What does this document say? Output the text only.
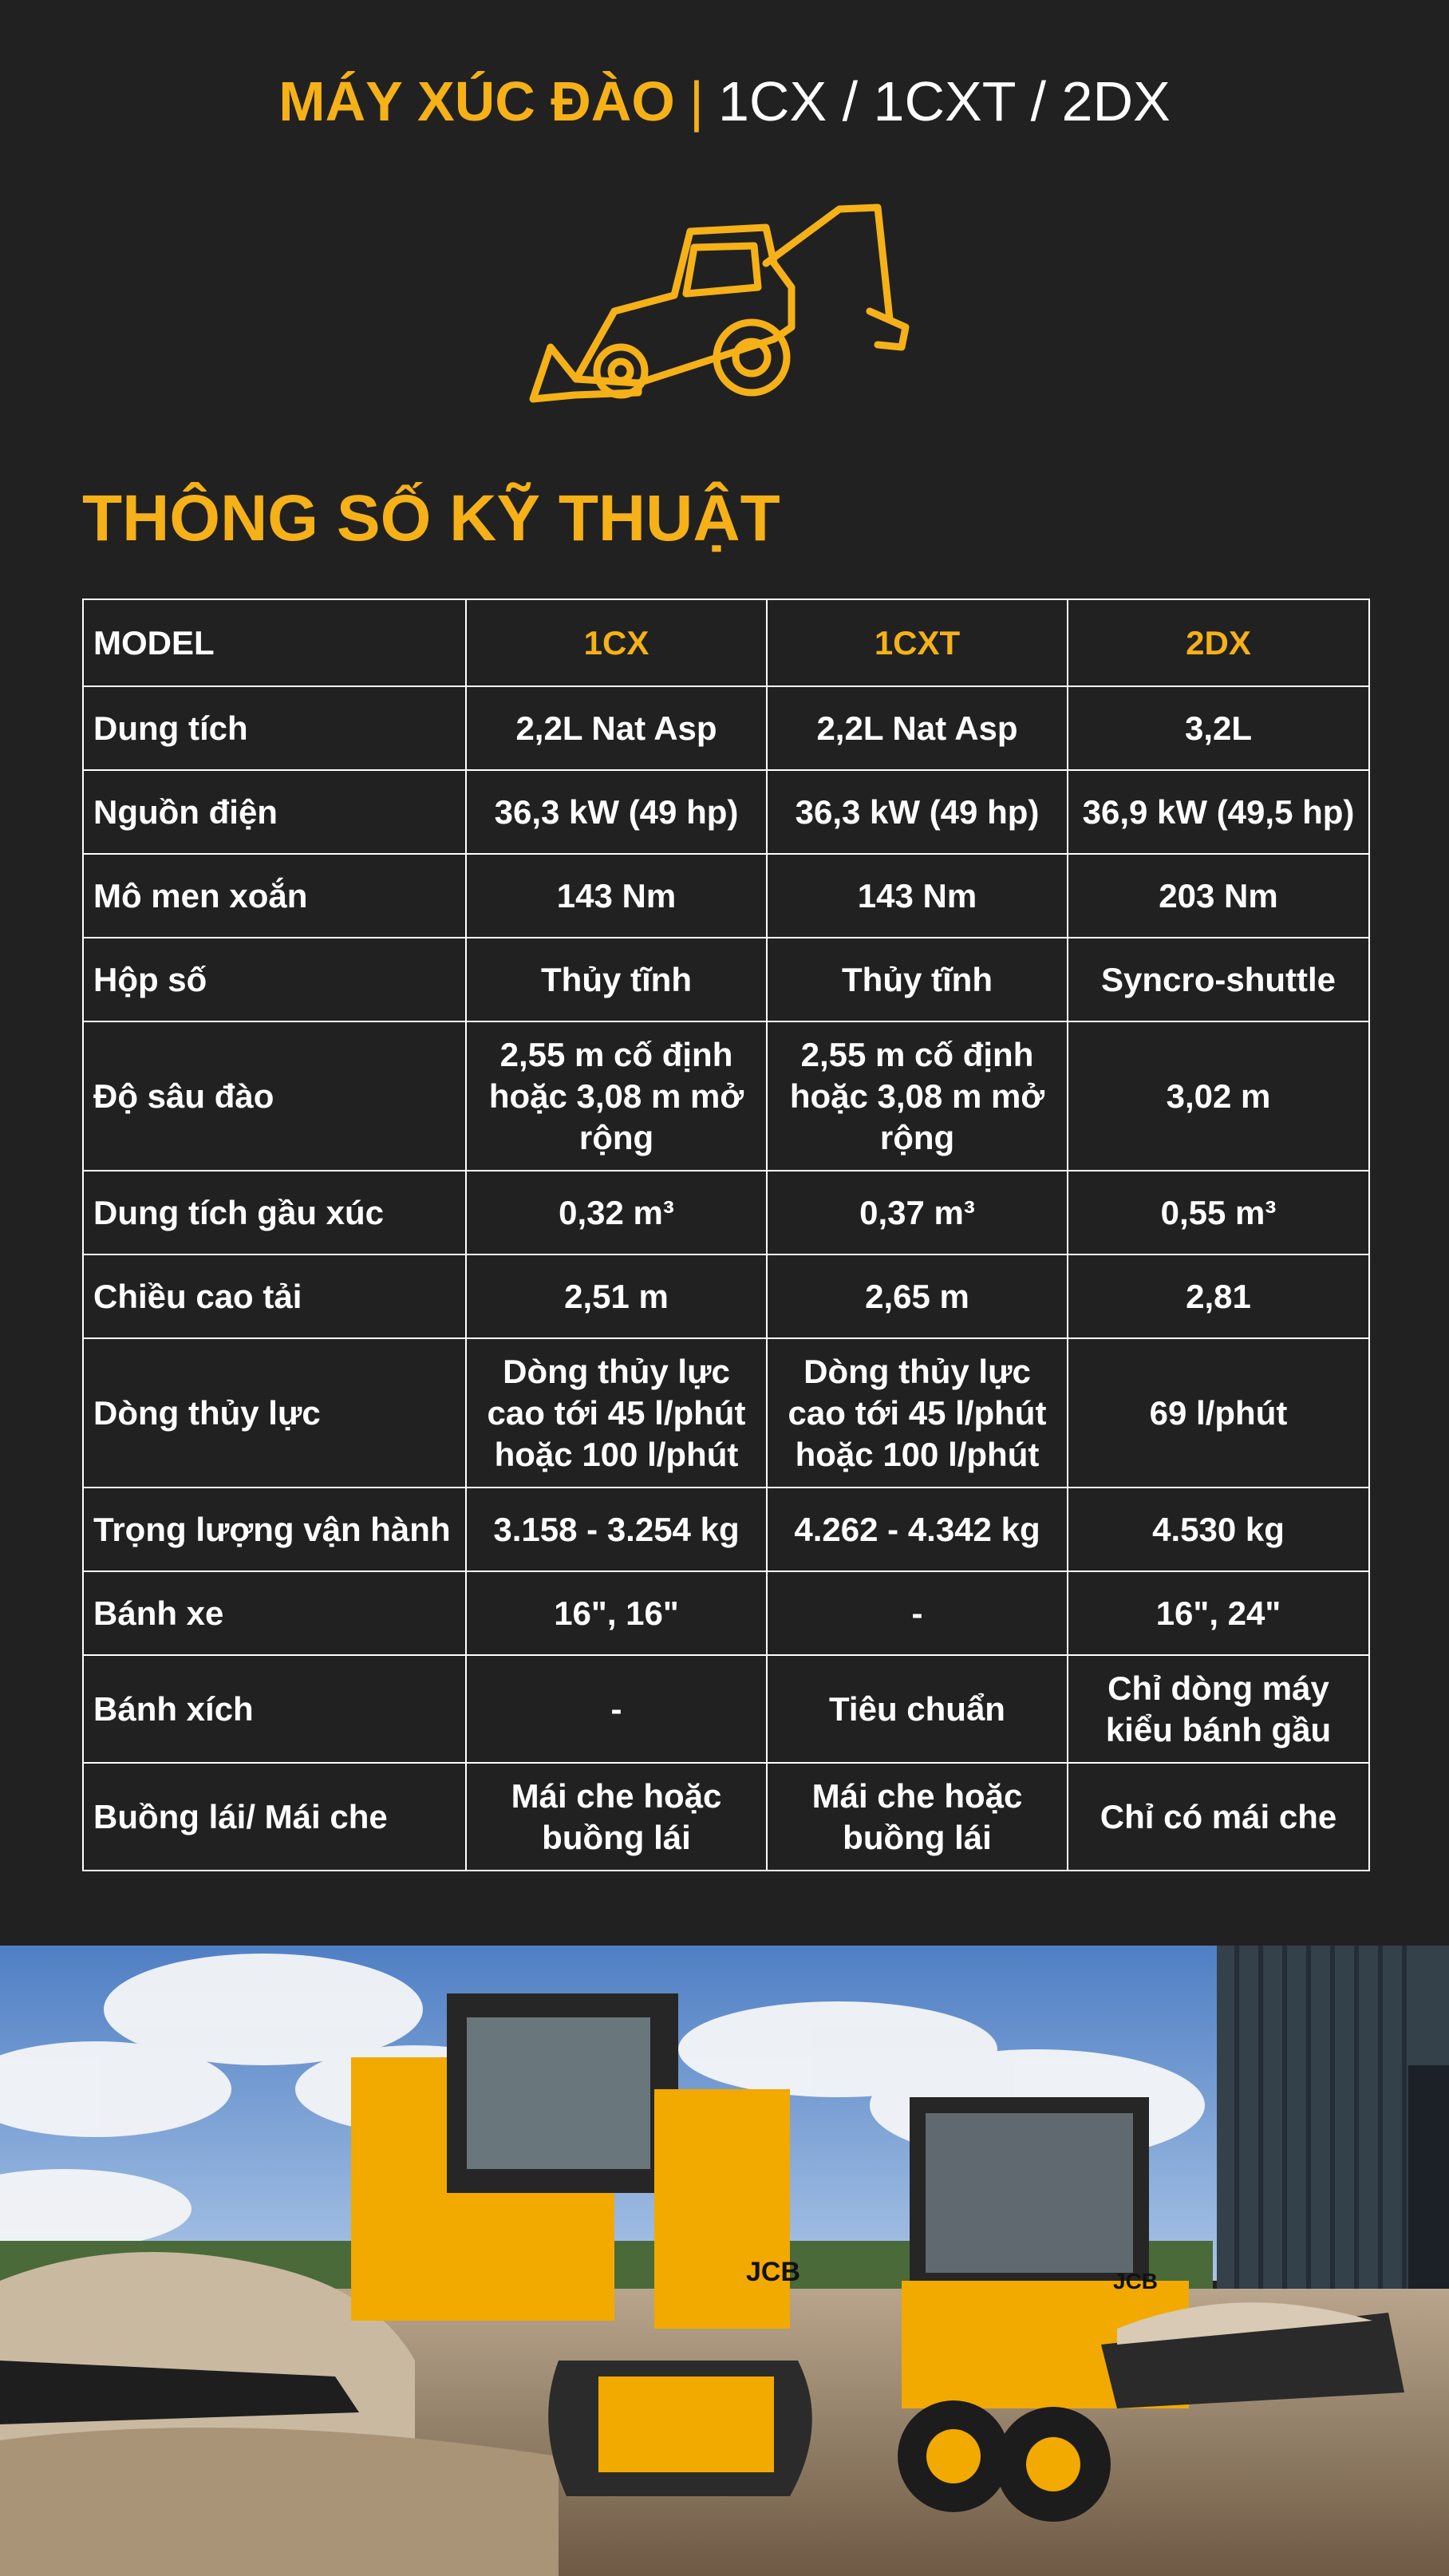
MÁY XÚC ĐÀO | 1CX / 1CXT / 2DX
THÔNG SỐ KỸ THUẬT
MODEL	1CX	1CXT	2DX
Dung tích	2,2L Nat Asp	2,2L Nat Asp	3,2L
Nguồn điện	36,3 kW (49 hp)	36,3 kW (49 hp)	36,9 kW (49,5 hp)
Mô men xoắn	143 Nm	143 Nm	203 Nm
Hộp số	Thủy tĩnh	Thủy tĩnh	Syncro-shuttle
Độ sâu đào	2,55 m cố định hoặc 3,08 m mở rộng	2,55 m cố định hoặc 3,08 m mở rộng	3,02 m
Dung tích gầu xúc	0,32 m³	0,37 m³	0,55 m³
Chiều cao tải	2,51 m	2,65 m	2,81
Dòng thủy lực	Dòng thủy lực cao tới 45 l/phút hoặc 100 l/phút	Dòng thủy lực cao tới 45 l/phút hoặc 100 l/phút	69 l/phút
Trọng lượng vận hành	3.158 - 3.254 kg	4.262 - 4.342 kg	4.530 kg
Bánh xe	16", 16"	-	16", 24"
Bánh xích	-	Tiêu chuẩn	Chỉ dòng máy kiểu bánh gầu
Buồng lái/ Mái che	Mái che hoặc buồng lái	Mái che hoặc buồng lái	Chỉ có mái che
JCB	JCB
